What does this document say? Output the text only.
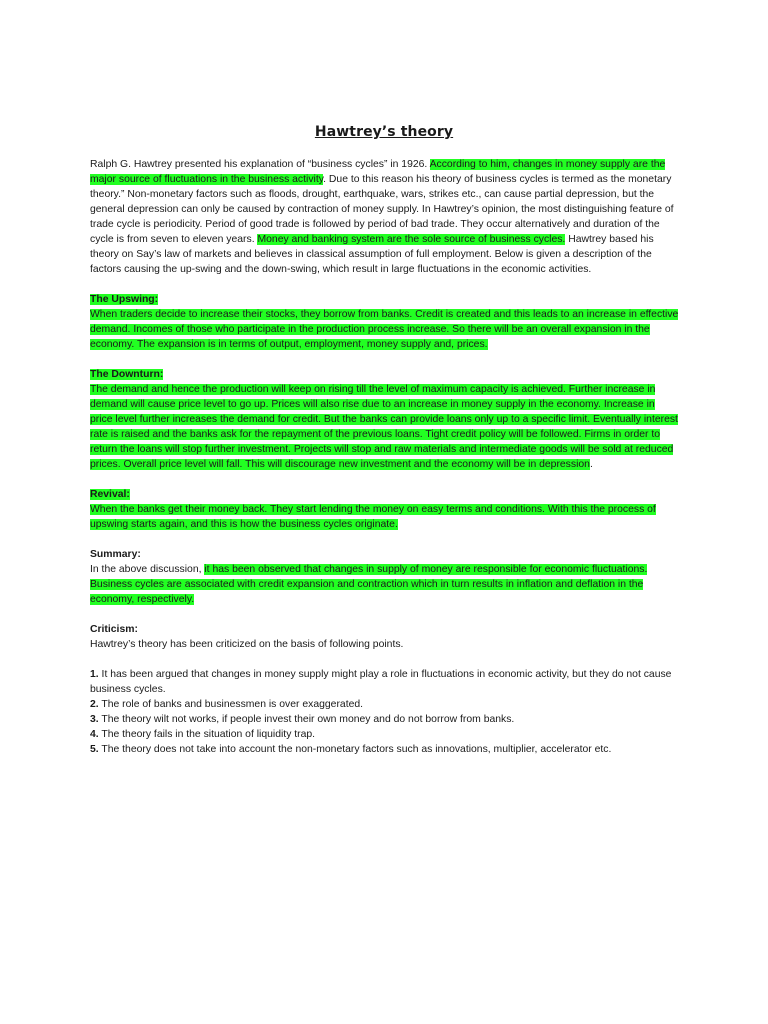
Hawtrey’s theory

Ralph G. Hawtrey presented his explanation of “business cycles” in 1926. According to him, changes in money supply are the major source of fluctuations in the business activity. Due to this reason his theory of business cycles is termed as the monetary theory.” Non-monetary factors such as floods, drought, earthquake, wars, strikes etc., can cause partial depression, but the general depression can only be caused by contraction of money supply. In Hawtrey’s opinion, the most distinguishing feature of trade cycle is periodicity. Period of good trade is followed by period of bad trade. They occur alternatively and duration of the cycle is from seven to eleven years. Money and banking system are the sole source of business cycles. Hawtrey based his theory on Say’s law of markets and believes in classical assumption of full employment. Below is given a description of the factors causing the up-swing and the down-swing, which result in large fluctuations in the economic activities.

The Upswing:

When traders decide to increase their stocks, they borrow from banks. Credit is created and this leads to an increase in effective demand. Incomes of those who participate in the production process increase. So there will be an overall expansion in the economy. The expansion is in terms of output, employment, money supply and, prices.

The Downturn:

The demand and hence the production will keep on rising till the level of maximum capacity is achieved. Further increase in demand will cause price level to go up. Prices will also rise due to an increase in money supply in the economy. Increase in price level further increases the demand for credit. But the banks can provide loans only up to a specific limit. Eventually interest rate is raised and the banks ask for the repayment of the previous loans. Tight credit policy will be followed. Firms in order to return the loans will stop further investment. Projects will stop and raw materials and intermediate goods will be sold at reduced prices. Overall price level will fall. This will discourage new investment and the economy will be in depression.

Revival:

When the banks get their money back. They start lending the money on easy terms and conditions. With this the process of upswing starts again, and this is how the business cycles originate.

Summary:

In the above discussion, it has been observed that changes in supply of money are responsible for economic fluctuations. Business cycles are associated with credit expansion and contraction which in turn results in inflation and deflation in the economy, respectively.

Criticism:

Hawtrey’s theory has been criticized on the basis of following points.

1. It has been argued that changes in money supply might play a role in fluctuations in economic activity, but they do not cause business cycles.

2. The role of banks and businessmen is over exaggerated.

3. The theory wilt not works, if people invest their own money and do not borrow from banks.

4. The theory fails in the situation of liquidity trap.

5. The theory does not take into account the non-monetary factors such as innovations, multiplier, accelerator etc.
